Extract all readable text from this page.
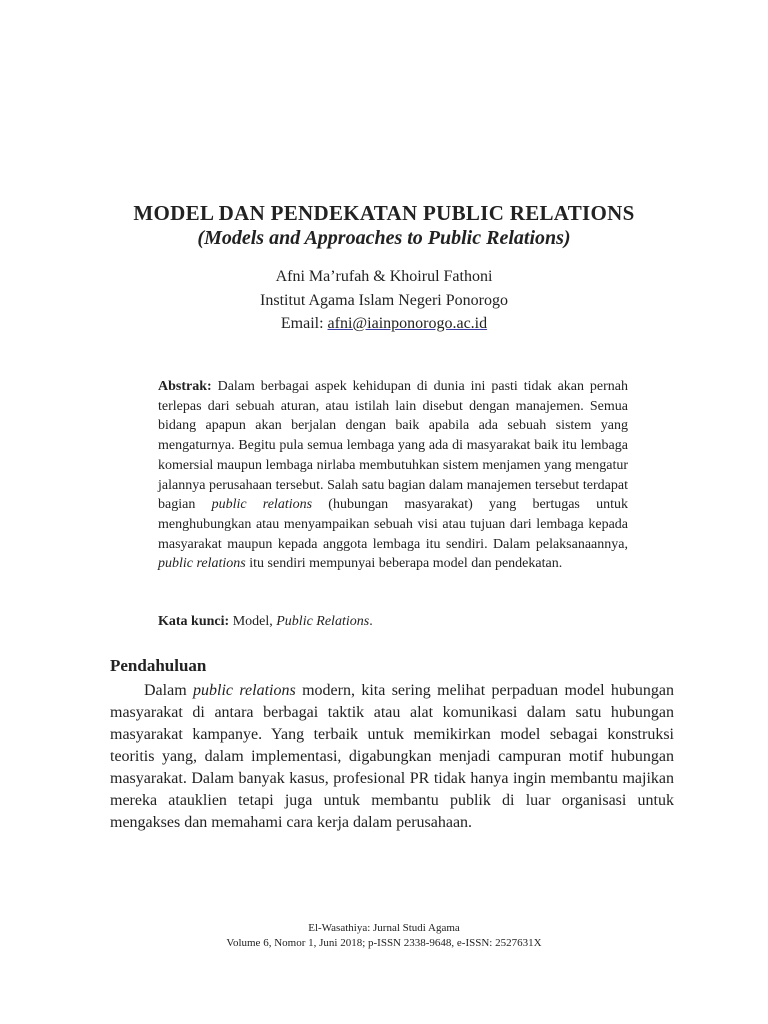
MODEL DAN PENDEKATAN PUBLIC RELATIONS
(Models and Approaches to Public Relations)
Afni Ma’rufah & Khoirul Fathoni
Institut Agama Islam Negeri Ponorogo
Email: afni@iainponorogo.ac.id
Abstrak: Dalam berbagai aspek kehidupan di dunia ini pasti tidak akan pernah terlepas dari sebuah aturan, atau istilah lain disebut dengan manajemen. Semua bidang apapun akan berjalan dengan baik apabila ada sebuah sistem yang mengaturnya. Begitu pula semua lembaga yang ada di masyarakat baik itu lembaga komersial maupun lembaga nirlaba membutuhkan sistem menjamen yang mengatur jalannya perusahaan tersebut. Salah satu bagian dalam manajemen tersebut terdapat bagian public relations (hubungan masyarakat) yang bertugas untuk menghubungkan atau menyampaikan sebuah visi atau tujuan dari lembaga kepada masyarakat maupun kepada anggota lembaga itu sendiri. Dalam pelaksanaannya, public relations itu sendiri mempunyai beberapa model dan pendekatan.
Kata kunci: Model, Public Relations.
Pendahuluan

Dalam public relations modern, kita sering melihat perpaduan model hubungan masyarakat di antara berbagai taktik atau alat komunikasi dalam satu hubungan masyarakat kampanye. Yang terbaik untuk memikirkan model sebagai konstruksi teoritis yang, dalam implementasi, digabungkan menjadi campuran motif hubungan masyarakat. Dalam banyak kasus, profesional PR tidak hanya ingin membantu majikan mereka atauklien tetapi juga untuk membantu publik di luar organisasi untuk mengakses dan memahami cara kerja dalam perusahaan.

El-Wasathiya: Jurnal Studi Agama
Volume 6, Nomor 1, Juni 2018; p-ISSN 2338-9648, e-ISSN: 2527631X
